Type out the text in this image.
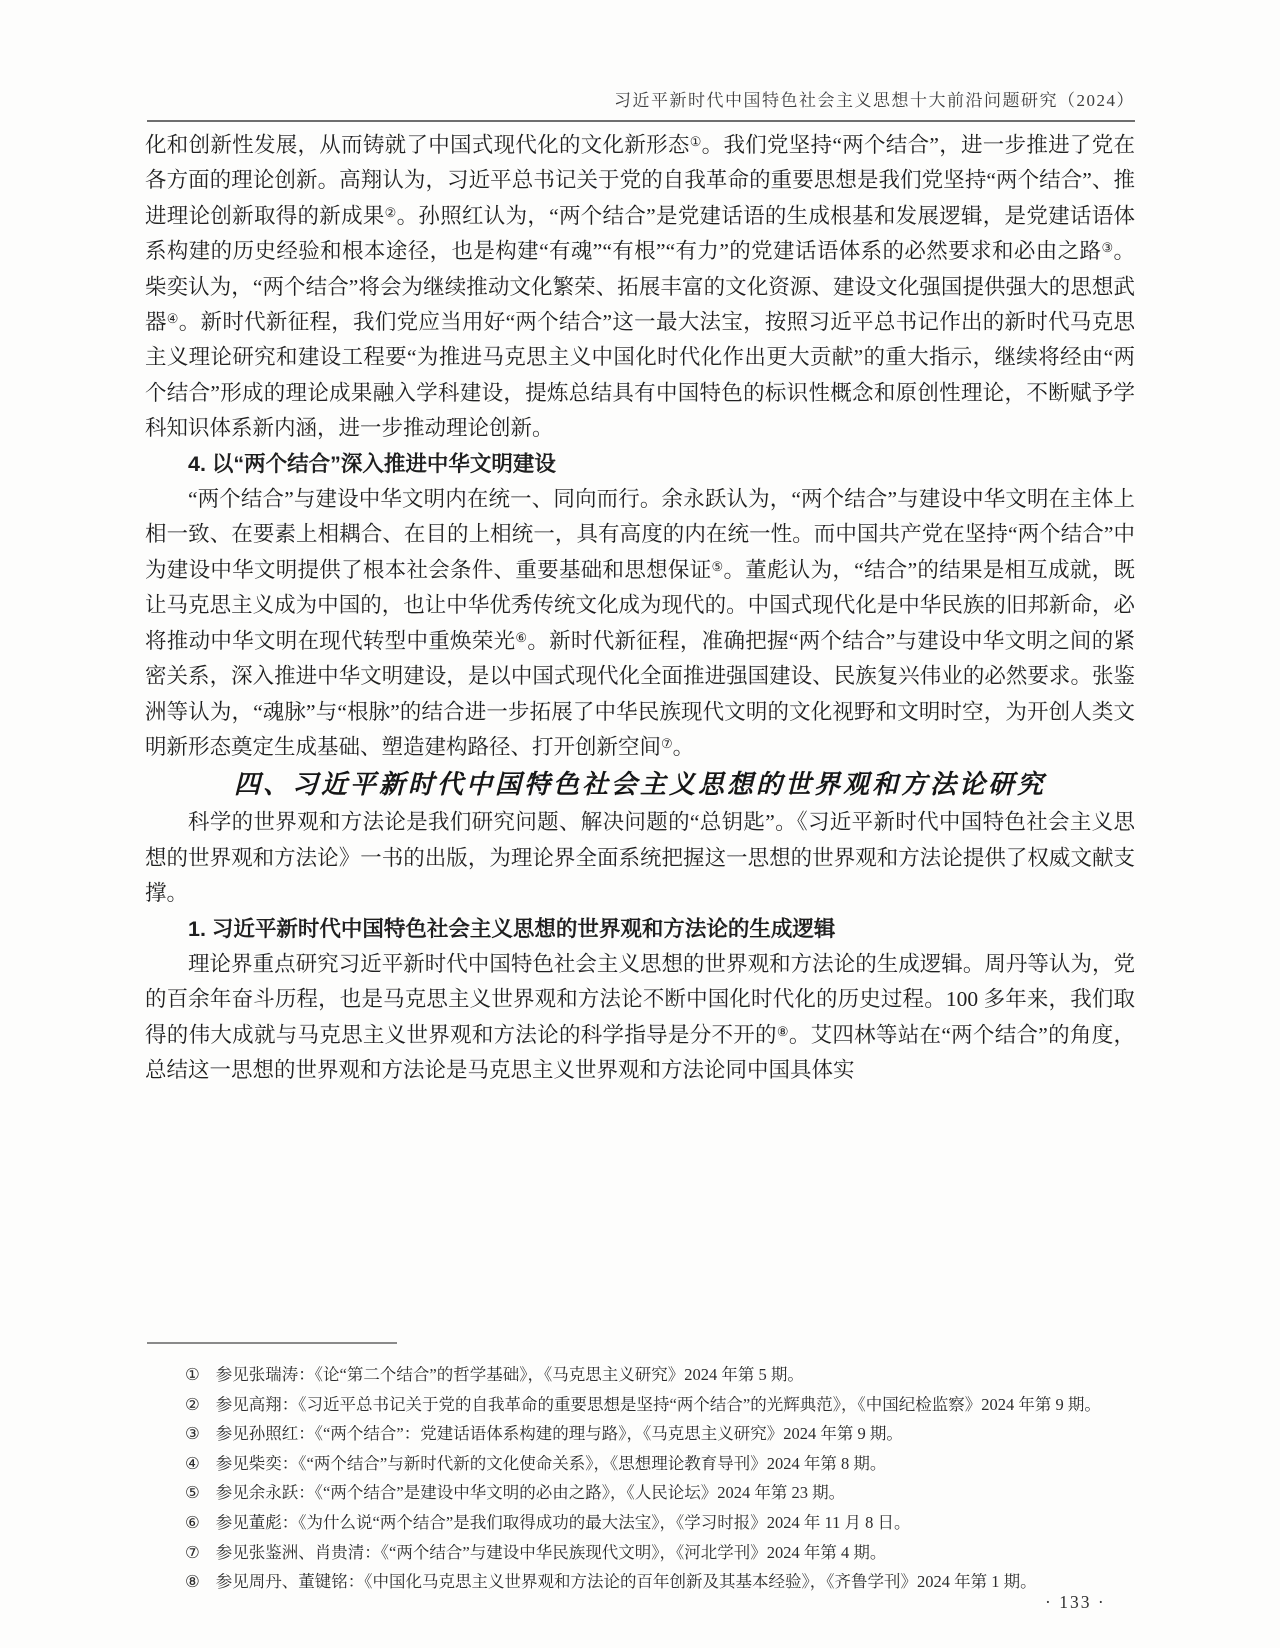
习近平新时代中国特色社会主义思想十大前沿问题研究（2024）

化和创新性发展，从而铸就了中国式现代化的文化新形态①。我们党坚持“两个结合”，进一步推进了党在各方面的理论创新。高翔认为，习近平总书记关于党的自我革命的重要思想是我们党坚持“两个结合”、推进理论创新取得的新成果②。孙照红认为，“两个结合”是党建话语的生成根基和发展逻辑，是党建话语体系构建的历史经验和根本途径，也是构建“有魂”“有根”“有力”的党建话语体系的必然要求和必由之路③。柴奕认为，“两个结合”将会为继续推动文化繁荣、拓展丰富的文化资源、建设文化强国提供强大的思想武器④。新时代新征程，我们党应当用好“两个结合”这一最大法宝，按照习近平总书记作出的新时代马克思主义理论研究和建设工程要“为推进马克思主义中国化时代化作出更大贡献”的重大指示，继续将经由“两个结合”形成的理论成果融入学科建设，提炼总结具有中国特色的标识性概念和原创性理论，不断赋予学科知识体系新内涵，进一步推动理论创新。

4. 以“两个结合”深入推进中华文明建设

“两个结合”与建设中华文明内在统一、同向而行。余永跃认为，“两个结合”与建设中华文明在主体上相一致、在要素上相耦合、在目的上相统一，具有高度的内在统一性。而中国共产党在坚持“两个结合”中为建设中华文明提供了根本社会条件、重要基础和思想保证⑤。董彪认为，“结合”的结果是相互成就，既让马克思主义成为中国的，也让中华优秀传统文化成为现代的。中国式现代化是中华民族的旧邦新命，必将推动中华文明在现代转型中重焕荣光⑥。新时代新征程，准确把握“两个结合”与建设中华文明之间的紧密关系，深入推进中华文明建设，是以中国式现代化全面推进强国建设、民族复兴伟业的必然要求。张鉴洲等认为，“魂脉”与“根脉”的结合进一步拓展了中华民族现代文明的文化视野和文明时空，为开创人类文明新形态奠定生成基础、塑造建构路径、打开创新空间⑦。

四、习近平新时代中国特色社会主义思想的世界观和方法论研究

科学的世界观和方法论是我们研究问题、解决问题的“总钥匙”。《习近平新时代中国特色社会主义思想的世界观和方法论》一书的出版，为理论界全面系统把握这一思想的世界观和方法论提供了权威文献支撑。

1. 习近平新时代中国特色社会主义思想的世界观和方法论的生成逻辑

理论界重点研究习近平新时代中国特色社会主义思想的世界观和方法论的生成逻辑。周丹等认为，党的百余年奋斗历程，也是马克思主义世界观和方法论不断中国化时代化的历史过程。100 多年来，我们取得的伟大成就与马克思主义世界观和方法论的科学指导是分不开的⑧。艾四林等站在“两个结合”的角度，总结这一思想的世界观和方法论是马克思主义世界观和方法论同中国具体实

① 参见张瑞涛：《论“第二个结合”的哲学基础》，《马克思主义研究》2024 年第 5 期。
② 参见高翔：《习近平总书记关于党的自我革命的重要思想是坚持“两个结合”的光辉典范》，《中国纪检监察》2024 年第 9 期。
③ 参见孙照红：《“两个结合”：党建话语体系构建的理与路》，《马克思主义研究》2024 年第 9 期。
④ 参见柴奕：《“两个结合”与新时代新的文化使命关系》，《思想理论教育导刊》2024 年第 8 期。
⑤ 参见余永跃：《“两个结合”是建设中华文明的必由之路》，《人民论坛》2024 年第 23 期。
⑥ 参见董彪：《为什么说“两个结合”是我们取得成功的最大法宝》，《学习时报》2024 年 11 月 8 日。
⑦ 参见张鉴洲、肖贵清：《“两个结合”与建设中华民族现代文明》，《河北学刊》2024 年第 4 期。
⑧ 参见周丹、董键铭：《中国化马克思主义世界观和方法论的百年创新及其基本经验》，《齐鲁学刊》2024 年第 1 期。
· 133 ·
